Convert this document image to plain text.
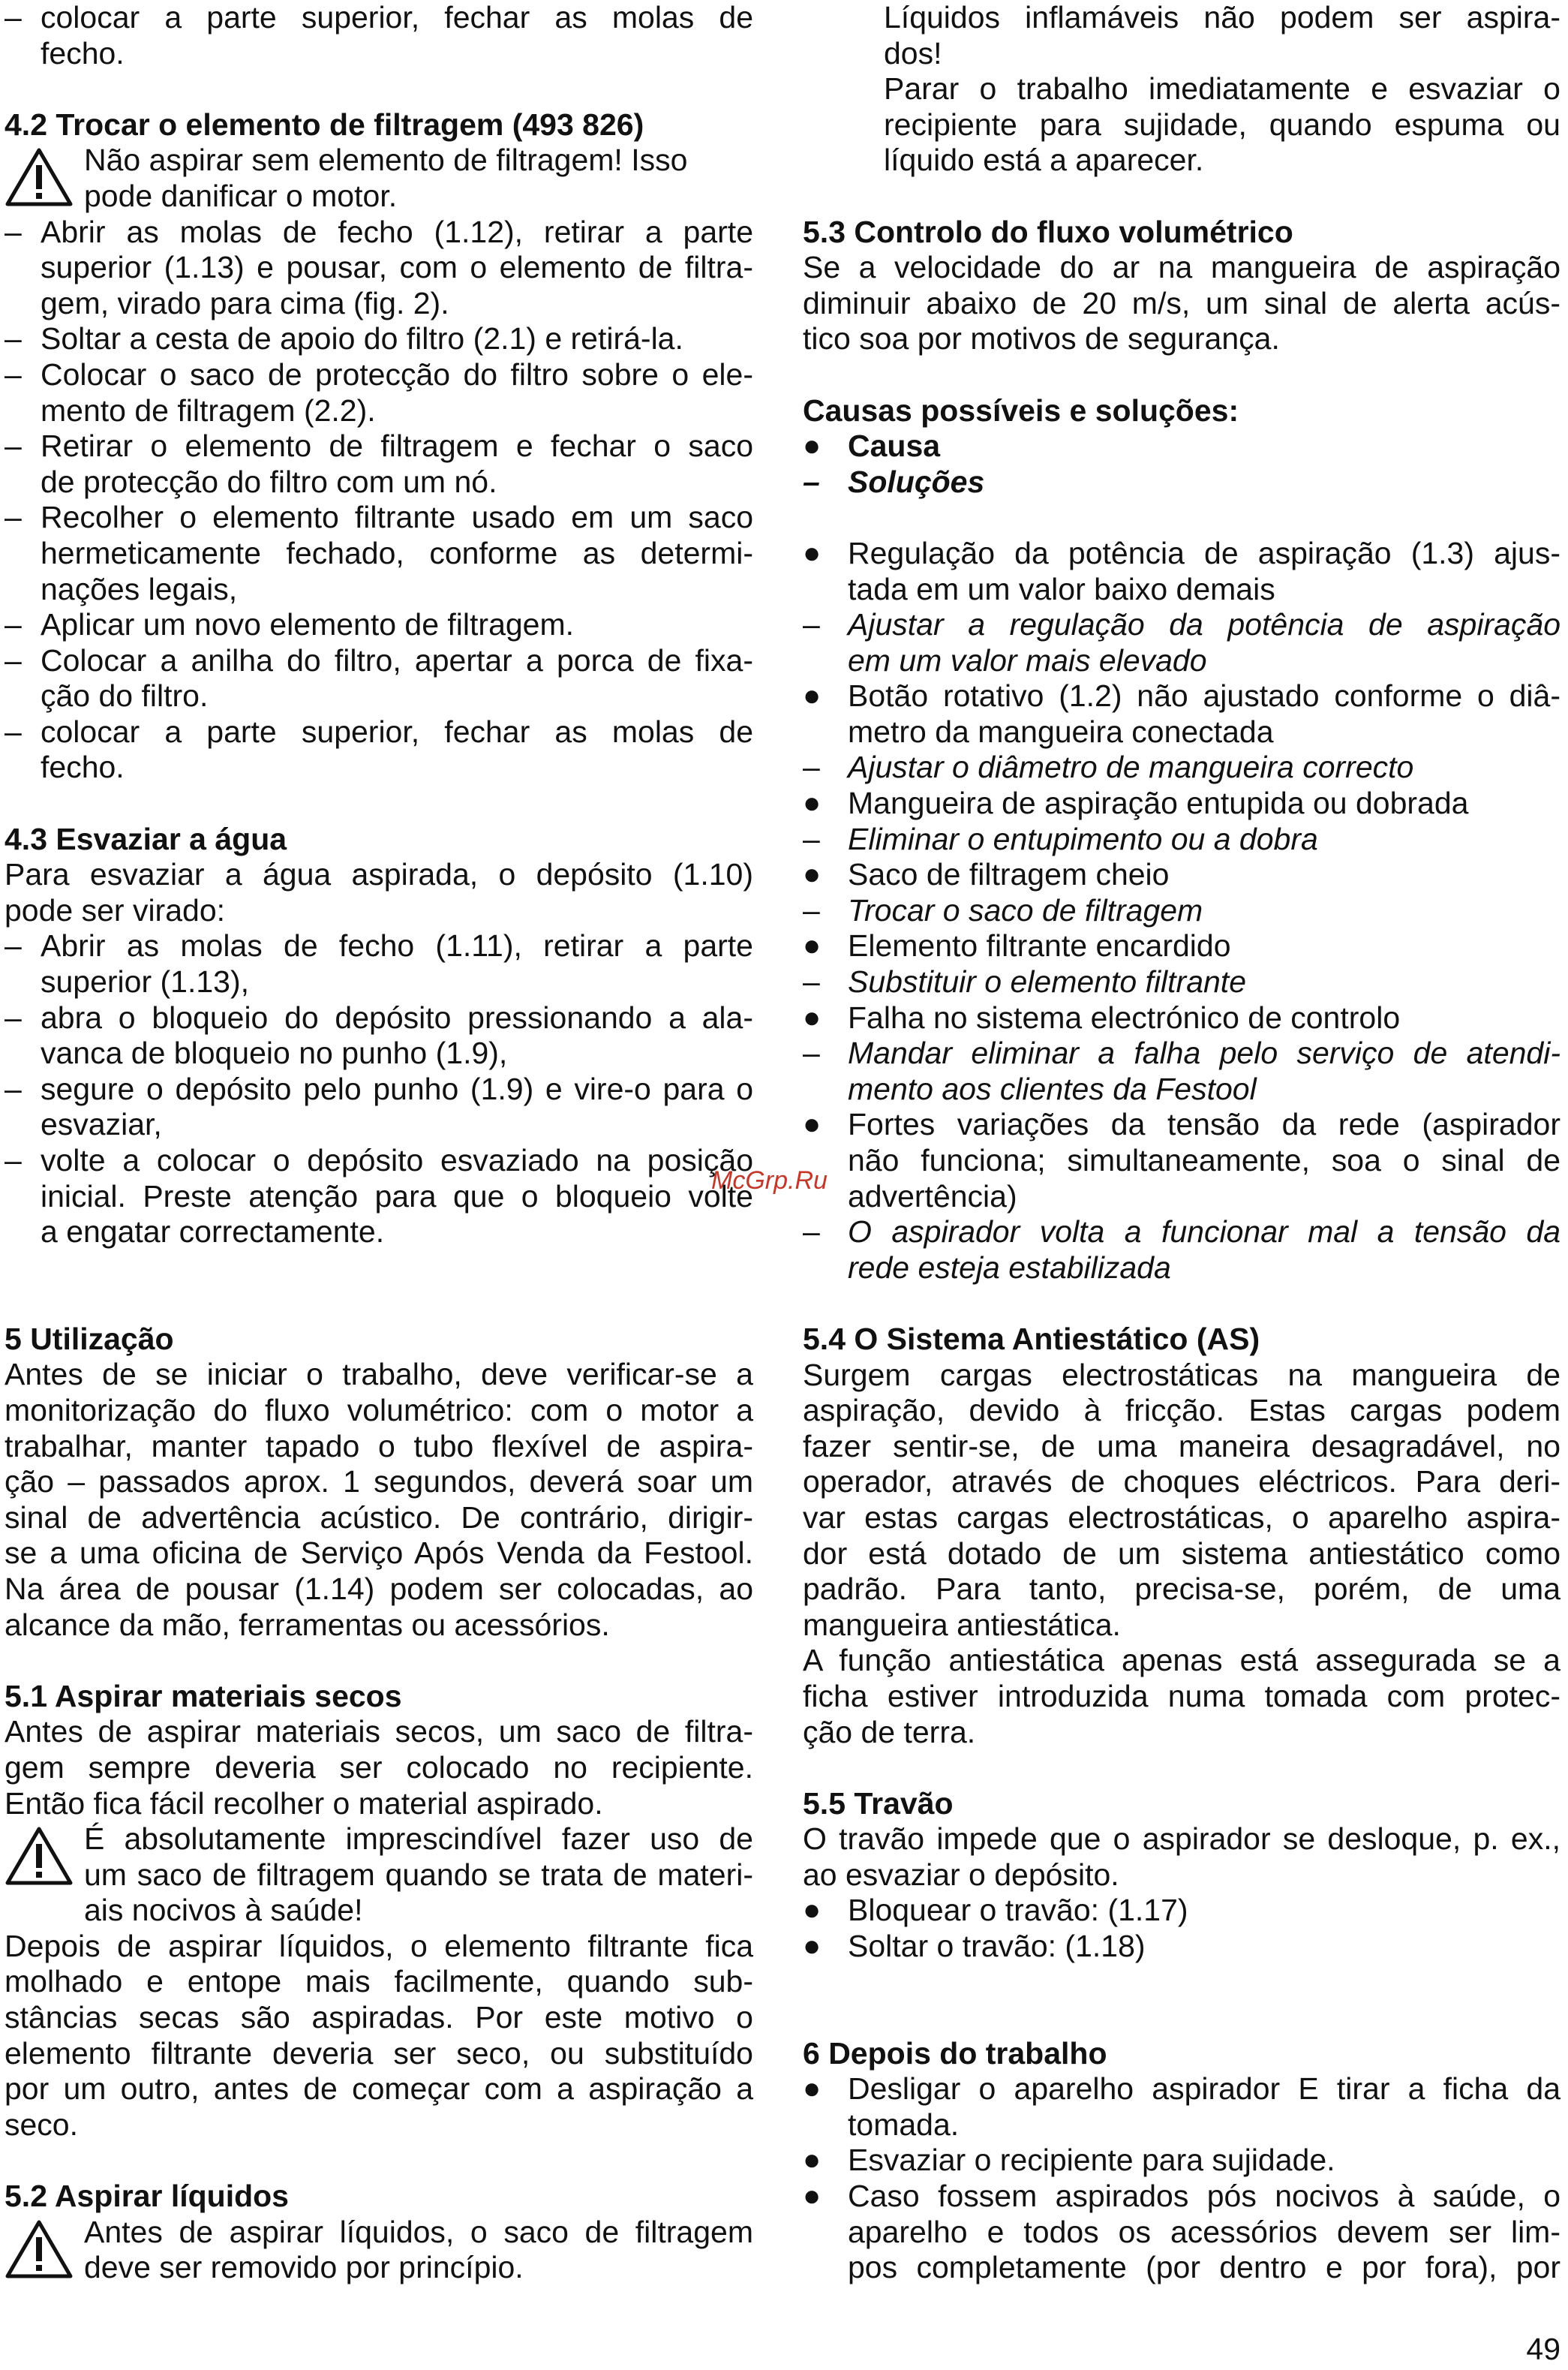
– colocar a parte superior, fechar as molas de
fecho.
4.2 Trocar o elemento de filtragem (493 826)
Não aspirar sem elemento de filtragem! Isso
pode danificar o motor.
– Abrir as molas de fecho (1.12), retirar a parte
superior (1.13) e pousar, com o elemento de filtra-
gem, virado para cima (fig. 2).
– Soltar a cesta de apoio do filtro (2.1) e retirá-la.
– Colocar o saco de protecção do filtro sobre o ele-
mento de filtragem (2.2).
– Retirar o elemento de filtragem e fechar o saco
de protecção do filtro com um nó.
– Recolher o elemento filtrante usado em um saco
hermeticamente fechado, conforme as determi-
nações legais,
– Aplicar um novo elemento de filtragem.
– Colocar a anilha do filtro, apertar a porca de fixa-
ção do filtro.
– colocar a parte superior, fechar as molas de
fecho.
4.3 Esvaziar a água
Para esvaziar a água aspirada, o depósito (1.10)
pode ser virado:
– Abrir as molas de fecho (1.11), retirar a parte
superior (1.13),
– abra o bloqueio do depósito pressionando a ala-
vanca de bloqueio no punho (1.9),
– segure o depósito pelo punho (1.9) e vire-o para o
esvaziar,
– volte a colocar o depósito esvaziado na posição
inicial. Preste atenção para que o bloqueio volte
a engatar correctamente.
5 Utilização
Antes de se iniciar o trabalho, deve verificar-se a
monitorização do fluxo volumétrico: com o motor a
trabalhar, manter tapado o tubo flexível de aspira-
ção – passados aprox. 1 segundos, deverá soar um
sinal de advertência acústico. De contrário, dirigir-
se a uma oficina de Serviço Após Venda da Festool.
Na área de pousar (1.14) podem ser colocadas, ao
alcance da mão, ferramentas ou acessórios.
5.1 Aspirar materiais secos
Antes de aspirar materiais secos, um saco de filtra-
gem sempre deveria ser colocado no recipiente.
Então fica fácil recolher o material aspirado.
É absolutamente imprescindível fazer uso de
um saco de filtragem quando se trata de materi-
ais nocivos à saúde!
Depois de aspirar líquidos, o elemento filtrante fica
molhado e entope mais facilmente, quando sub-
stâncias secas são aspiradas. Por este motivo o
elemento filtrante deveria ser seco, ou substituído
por um outro, antes de começar com a aspiração a
seco.
5.2 Aspirar líquidos
Antes de aspirar líquidos, o saco de filtragem
deve ser removido por princípio.
Líquidos inflamáveis não podem ser aspira-
dos!
Parar o trabalho imediatamente e esvaziar o
recipiente para sujidade, quando espuma ou
líquido está a aparecer.
5.3 Controlo do fluxo volumétrico
Se a velocidade do ar na mangueira de aspiração
diminuir abaixo de 20 m/s, um sinal de alerta acús-
tico soa por motivos de segurança.
Causas possíveis e soluções:
● Causa
– Soluções
● Regulação da potência de aspiração (1.3) ajus-
tada em um valor baixo demais
– Ajustar a regulação da potência de aspiração
em um valor mais elevado
● Botão rotativo (1.2) não ajustado conforme o diâ-
metro da mangueira conectada
– Ajustar o diâmetro de mangueira correcto
● Mangueira de aspiração entupida ou dobrada
– Eliminar o entupimento ou a dobra
● Saco de filtragem cheio
– Trocar o saco de filtragem
● Elemento filtrante encardido
– Substituir o elemento filtrante
● Falha no sistema electrónico de controlo
– Mandar eliminar a falha pelo serviço de atendi-
mento aos clientes da Festool
● Fortes variações da tensão da rede (aspirador
não funciona; simultaneamente, soa o sinal de
advertência)
– O aspirador volta a funcionar mal a tensão da
rede esteja estabilizada
5.4 O Sistema Antiestático (AS)
Surgem cargas electrostáticas na mangueira de
aspiração, devido à fricção. Estas cargas podem
fazer sentir-se, de uma maneira desagradável, no
operador, através de choques eléctricos. Para deri-
var estas cargas electrostáticas, o aparelho aspira-
dor está dotado de um sistema antiestático como
padrão. Para tanto, precisa-se, porém, de uma
mangueira antiestática.
A função antiestática apenas está assegurada se a
ficha estiver introduzida numa tomada com protec-
ção de terra.
5.5 Travão
O travão impede que o aspirador se desloque, p. ex.,
ao esvaziar o depósito.
● Bloquear o travão: (1.17)
● Soltar o travão: (1.18)
6 Depois do trabalho
● Desligar o aparelho aspirador E tirar a ficha da
tomada.
● Esvaziar o recipiente para sujidade.
● Caso fossem aspirados pós nocivos à saúde, o
aparelho e todos os acessórios devem ser lim-
pos completamente (por dentro e por fora), por
McGrp.Ru
49
